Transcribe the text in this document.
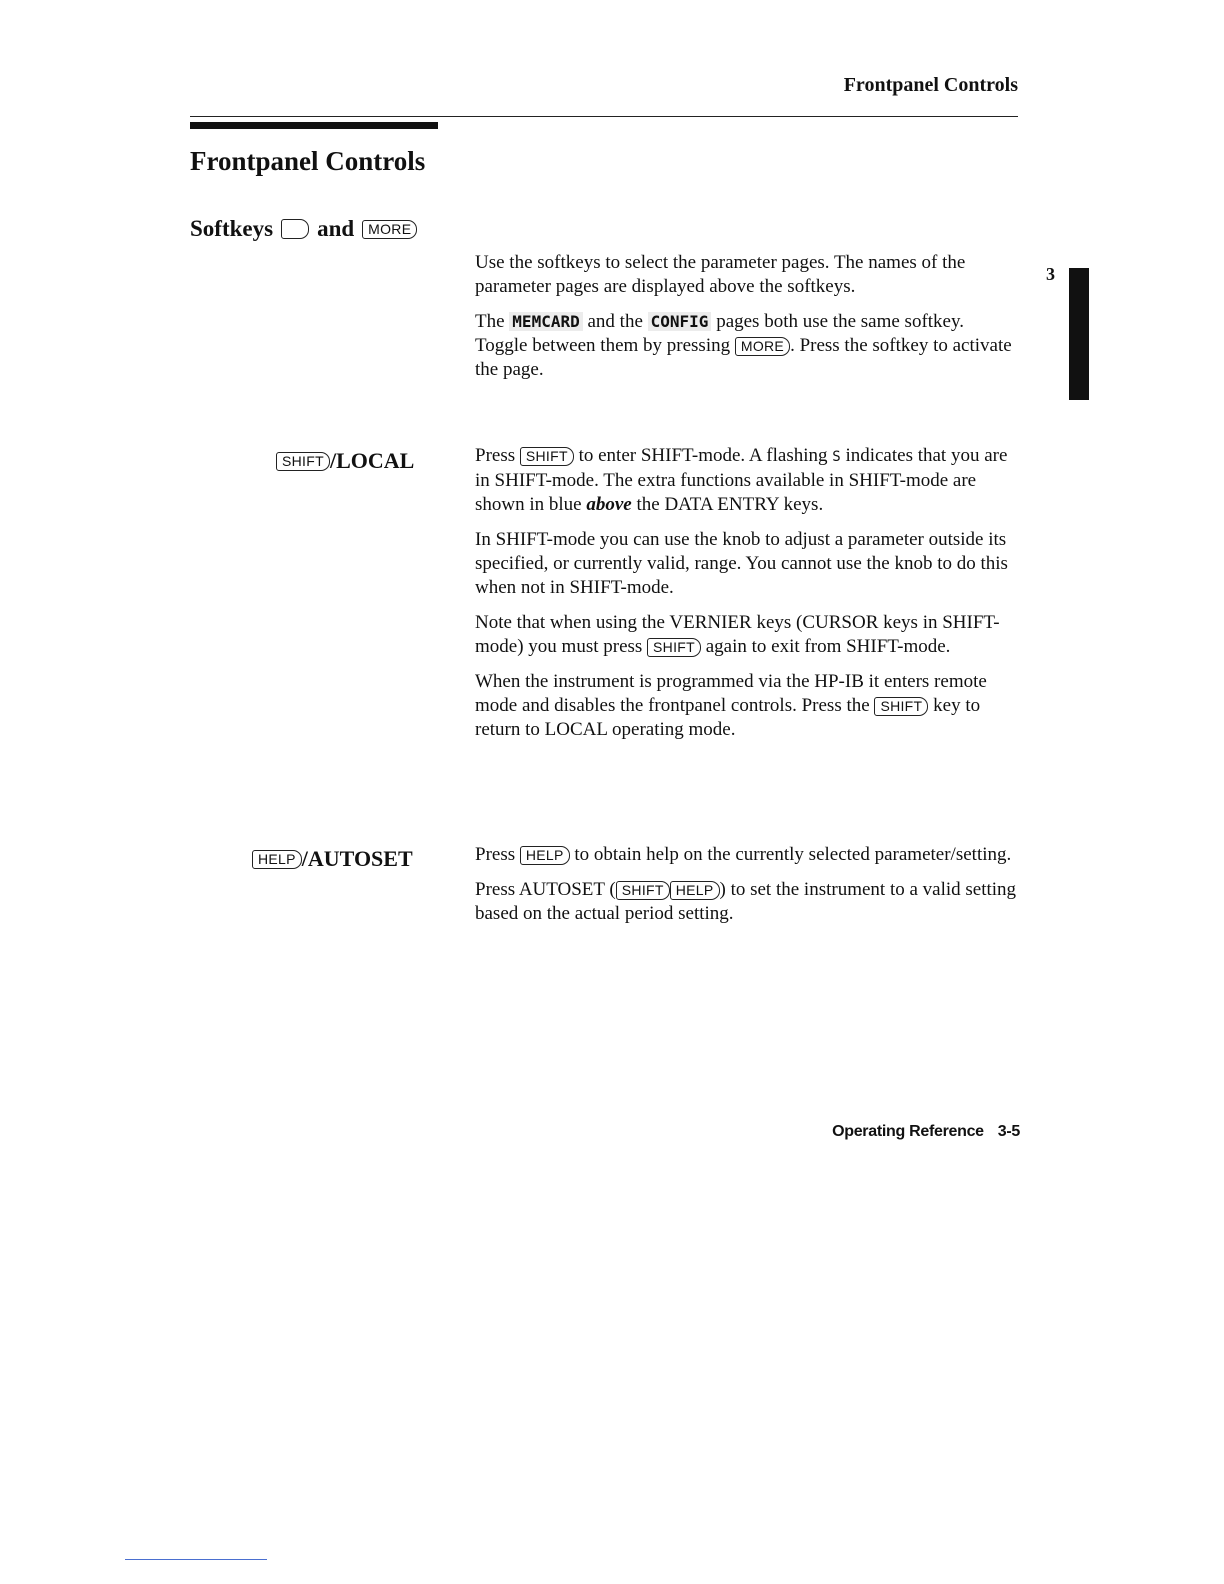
Frontpanel Controls
Frontpanel Controls
Softkeys and	MORE

Use the softkeys to select the parameter pages. The names of the parameter pages are displayed above the softkeys.

The MEMCARD and the CONFIG pages both use the same softkey. Toggle between them by pressing MORE . Press the softkey to activate the page.

SHIFT /LOCAL	Press SHIFT to enter SHIFT-mode. A flashing S indicates that you are in SHIFT-mode. The extra functions available in SHIFT-mode are shown in blue above the DATA ENTRY keys.

In SHIFT-mode you can use the knob to adjust a parameter outside its specified, or currently valid, range. You cannot use the knob to do this when not in SHIFT-mode.

Note that when using the VERNIER keys (CURSOR keys in SHIFT-mode) you must press SHIFT again to exit from SHIFT-mode.

When the instrument is programmed via the HP-IB it enters remote mode and disables the frontpanel controls. Press the SHIFT key to return to LOCAL operating mode.

HELP /AUTOSET	Press HELP to obtain help on the currently selected parameter/setting.

Press AUTOSET ( SHIFT HELP ) to set the instrument to a valid setting based on the actual period setting.

3
Operating Reference 3-5
